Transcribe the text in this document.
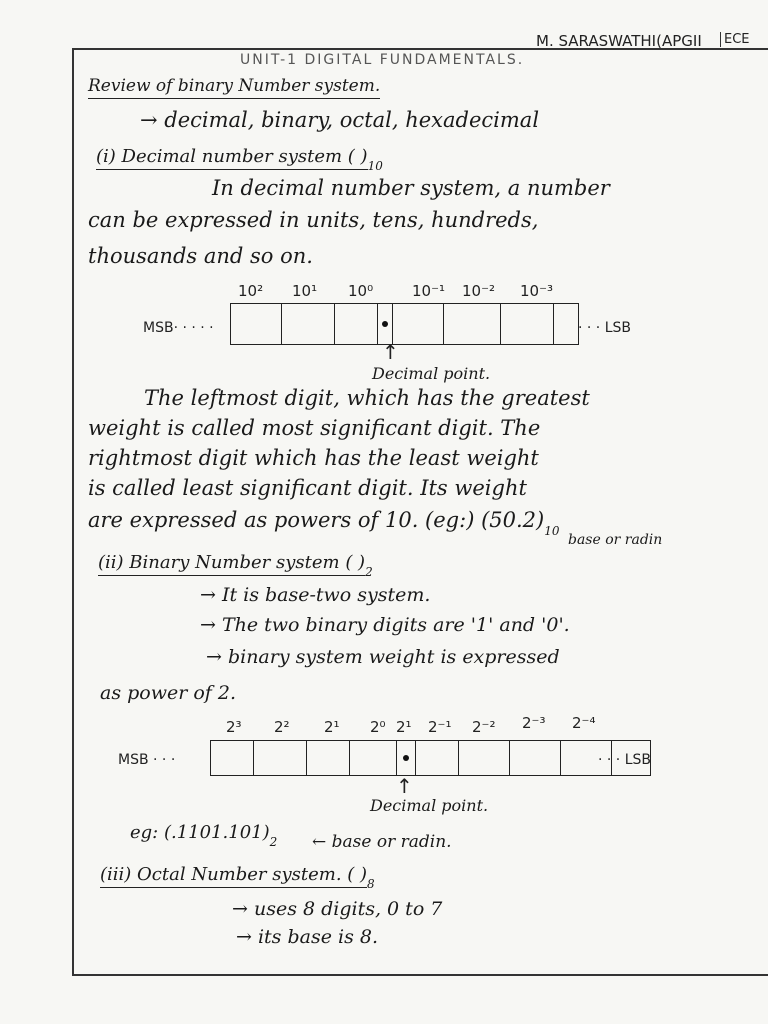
M. SARASWATHI(APGII	ECE
UNIT-1 DIGITAL FUNDAMENTALS.
Review of binary Number system.
→ decimal, binary, octal, hexadecimal
(i) Decimal number system ( )$_{10}$
In decimal number system, a number
can be expressed in units, tens, hundreds,
thousands and so on.
10² 10¹ 10⁰	10⁻¹ 10⁻² 10⁻³
MSB· · · · ·	· · · LSB
↑
Decimal point.
The leftmost digit, which has the greatest
weight is called most significant digit. The
rightmost digit which has the least weight
is called least significant digit. Its weight
are expressed as powers of 10. (eg:) $(50.2)_{10}$
base or radin
(ii) Binary Number system ( )$_2$
→ It is base-two system.
→ The two binary digits are '1' and '0'.
→ binary system weight is expressed
as power of 2.
2³ 2² 2¹ 2⁰ 2¹ 2⁻¹ 2⁻² 2⁻³ 2⁻⁴
MSB · · ·	· · · LSB
↑
Decimal point.
eg: $(.1101.101)_2$ ← base or radin.
(iii) Octal Number system. ( )$_8$
→ uses 8 digits, 0 to 7
→ its base is 8.
